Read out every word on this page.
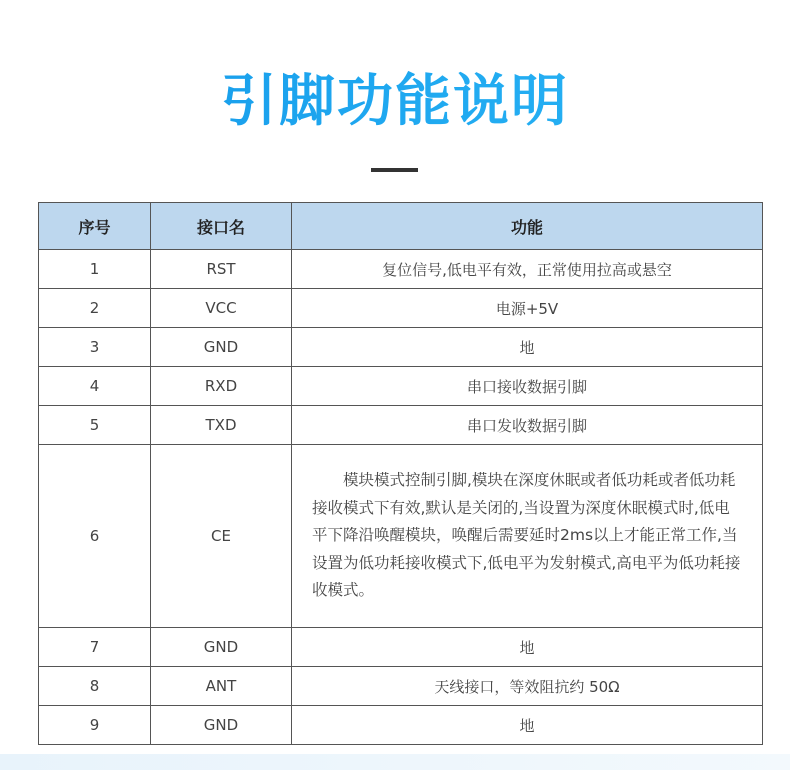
引脚功能说明
序号	接口名	功能
1	RST	复位信号,低电平有效，正常使用拉高或悬空
2	VCC	电源+5V
3	GND	地
4	RXD	串口接收数据引脚
5	TXD	串口发收数据引脚
6	CE	模块模式控制引脚,模块在深度休眠或者低功耗或者低功耗接收模式下有效,默认是关闭的,当设置为深度休眠模式时,低电平下降沿唤醒模块，唤醒后需要延时2ms以上才能正常工作,当设置为低功耗接收模式下,低电平为发射模式,高电平为低功耗接收模式。
7	GND	地
8	ANT	天线接口，等效阻抗约 50Ω
9	GND	地
